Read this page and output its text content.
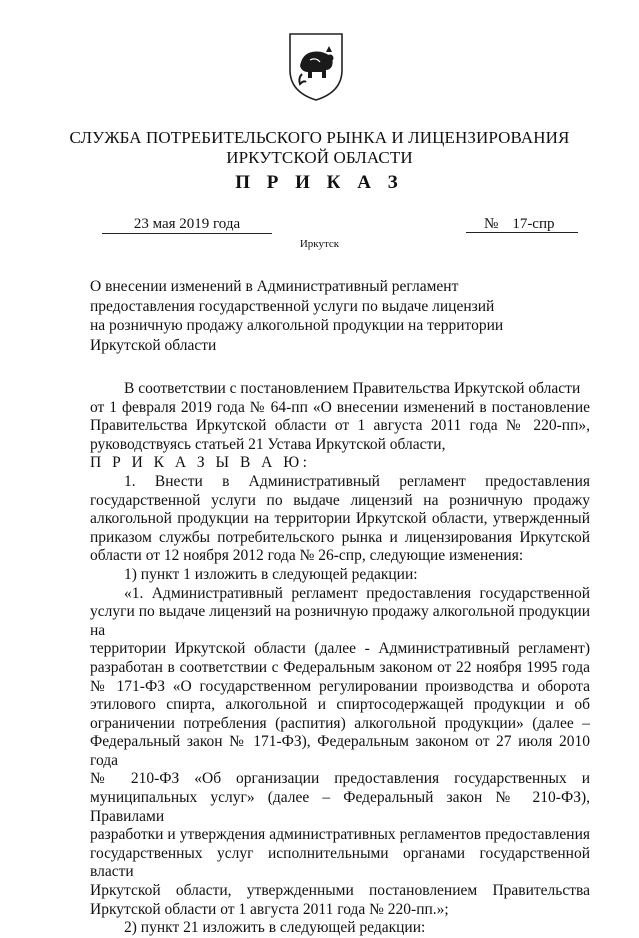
СЛУЖБА ПОТРЕБИТЕЛЬСКОГО РЫНКА И ЛИЦЕНЗИРОВАНИЯ
ИРКУТСКОЙ ОБЛАСТИ
П Р И К А З
23 мая 2019 года	№ 17-спр
Иркутск
О внесении изменений в Административный регламент
предоставления государственной услуги по выдаче лицензий
на розничную продажу алкогольной продукции на территории
Иркутской области
В соответствии с постановлением Правительства Иркутской области
от 1 февраля 2019 года № 64-пп «О внесении изменений в постановление
Правительства Иркутской области от 1 августа 2011 года № 220-пп»,
руководствуясь статьей 21 Устава Иркутской области,
П Р И К А З Ы В А Ю:
1. Внести в Административный регламент предоставления
государственной услуги по выдаче лицензий на розничную продажу
алкогольной продукции на территории Иркутской области, утвержденный
приказом службы потребительского рынка и лицензирования Иркутской
области от 12 ноября 2012 года № 26-спр, следующие изменения:
1) пункт 1 изложить в следующей редакции:
«1. Административный регламент предоставления государственной
услуги по выдаче лицензий на розничную продажу алкогольной продукции на
территории Иркутской области (далее - Административный регламент)
разработан в соответствии с Федеральным законом от 22 ноября 1995 года
№ 171-ФЗ «О государственном регулировании производства и оборота
этилового спирта, алкогольной и спиртосодержащей продукции и об
ограничении потребления (распития) алкогольной продукции» (далее –
Федеральный закон № 171-ФЗ), Федеральным законом от 27 июля 2010 года
№ 210-ФЗ «Об организации предоставления государственных и
муниципальных услуг» (далее – Федеральный закон № 210-ФЗ), Правилами
разработки и утверждения административных регламентов предоставления
государственных услуг исполнительными органами государственной власти
Иркутской области, утвержденными постановлением Правительства
Иркутской области от 1 августа 2011 года № 220-пп.»;
2) пункт 21 изложить в следующей редакции:
